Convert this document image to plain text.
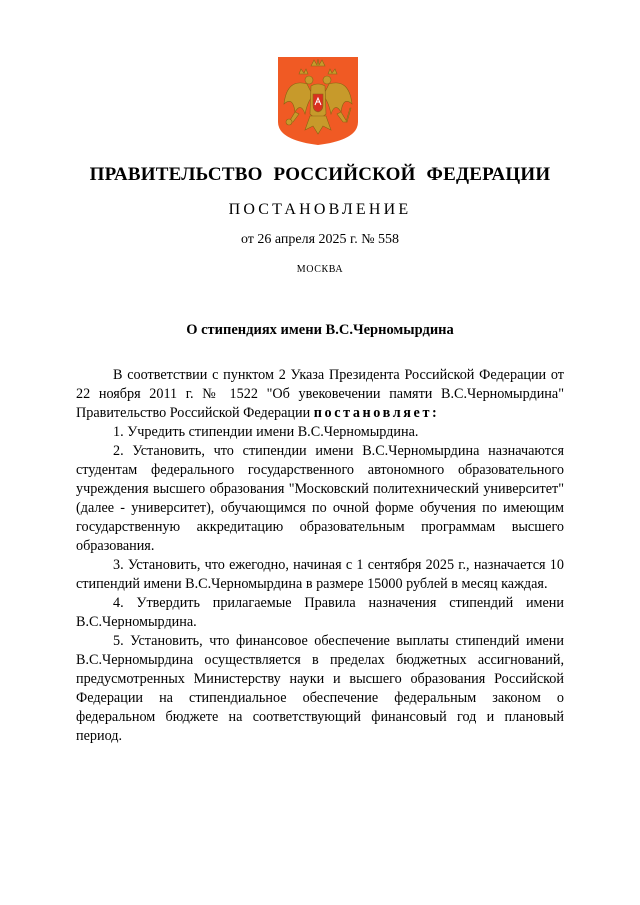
ПРАВИТЕЛЬСТВО РОССИЙСКОЙ ФЕДЕРАЦИИ
ПОСТАНОВЛЕНИЕ
от 26 апреля 2025 г. № 558
МОСКВА
О стипендиях имени В.С.Черномырдина

В соответствии с пунктом 2 Указа Президента Российской Федерации от 22 ноября 2011 г. № 1522 "Об увековечении памяти В.С.Черномырдина" Правительство Российской Федерации постановляет:

1. Учредить стипендии имени В.С.Черномырдина.

2. Установить, что стипендии имени В.С.Черномырдина назначаются студентам федерального государственного автономного образовательного учреждения высшего образования "Московский политехнический университет" (далее - университет), обучающимся по очной форме обучения по имеющим государственную аккредитацию образовательным программам высшего образования.

3. Установить, что ежегодно, начиная с 1 сентября 2025 г., назначается 10 стипендий имени В.С.Черномырдина в размере 15000 рублей в месяц каждая.

4. Утвердить прилагаемые Правила назначения стипендий имени В.С.Черномырдина.

5. Установить, что финансовое обеспечение выплаты стипендий имени В.С.Черномырдина осуществляется в пределах бюджетных ассигнований, предусмотренных Министерству науки и высшего образования Российской Федерации на стипендиальное обеспечение федеральным законом о федеральном бюджете на соответствующий финансовый год и плановый период.
